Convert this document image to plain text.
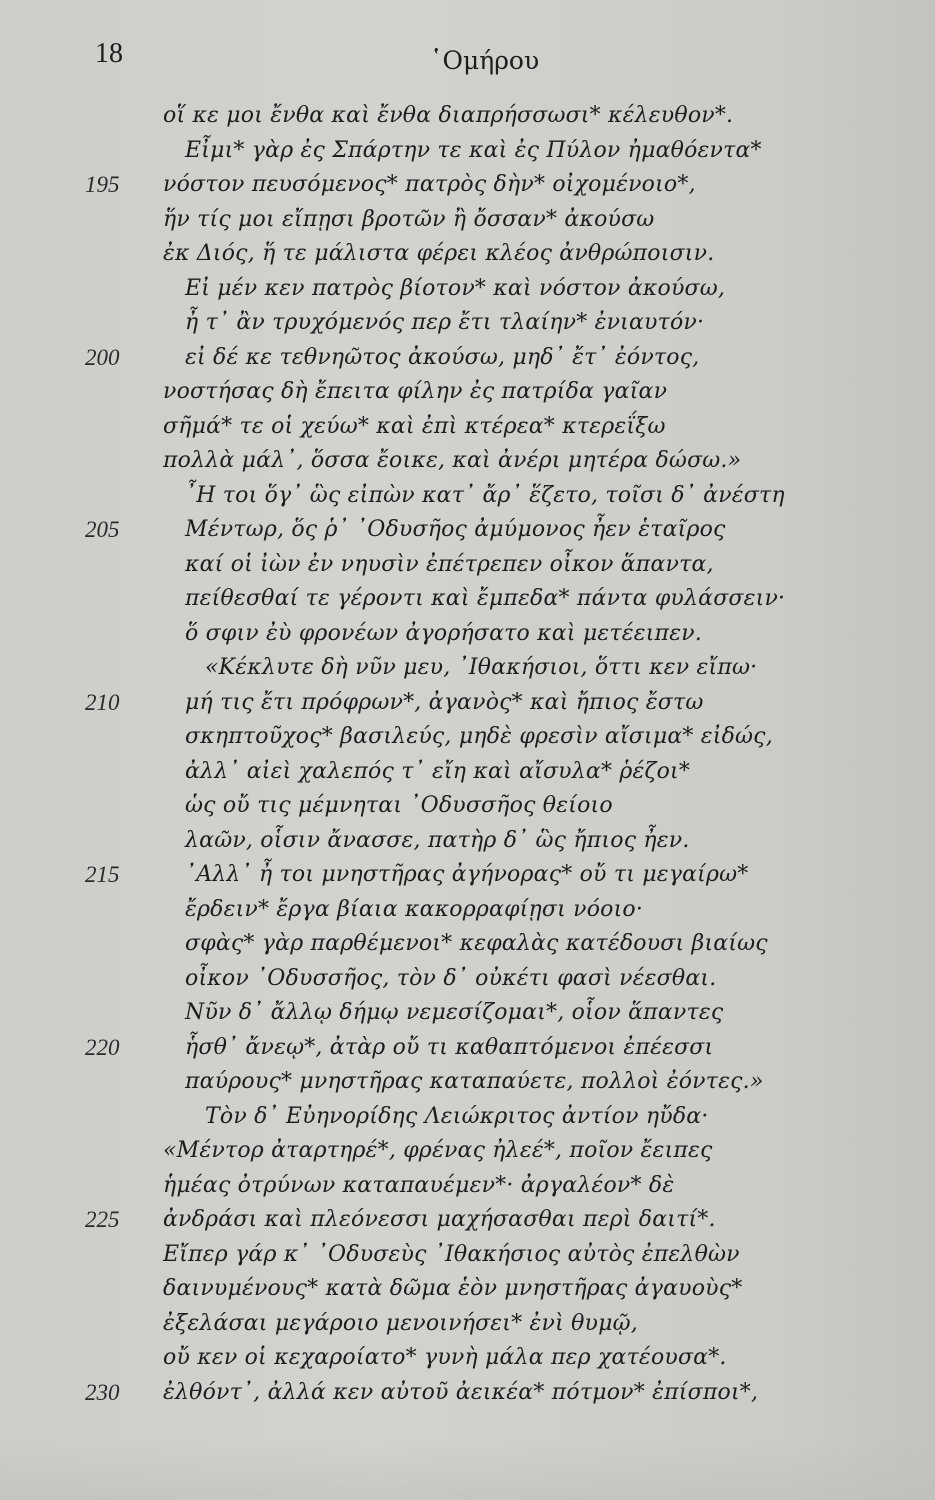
18	῾Ομήρου
οἵ κε μοι ἔνθα καὶ ἔνθα διαπρήσσωσι* κέλευθον*.
Εἶμι* γὰρ ἐς Σπάρτην τε καὶ ἐς Πύλον ἠμαθόεντα*
195	νόστον πευσόμενος* πατρὸς δὴν* οἰχομένοιο*,
ἥν τίς μοι εἴπῃσι βροτῶν ἢ ὄσσαν* ἀκούσω
ἐκ Διός, ἥ τε μάλιστα φέρει κλέος ἀνθρώποισιν.
Εἰ μέν κεν πατρὸς βίοτον* καὶ νόστον ἀκούσω,
ἦ τ᾿ ἂν τρυχόμενός περ ἔτι τλαίην* ἐνιαυτόν·
200	εἰ δέ κε τεθνηῶτος ἀκούσω, μηδ᾿ ἔτ᾿ ἐόντος,
νοστήσας δὴ ἔπειτα φίλην ἐς πατρίδα γαῖαν
σῆμά* τε οἱ χεύω* καὶ ἐπὶ κτέρεα* κτερεΐξω
πολλὰ μάλ᾿, ὅσσα ἔοικε, καὶ ἀνέρι μητέρα δώσω.»
῏Η τοι ὅγ᾿ ὣς εἰπὼν κατ᾿ ἄρ᾿ ἕζετο, τοῖσι δ᾿ ἀνέστη
205	Μέντωρ, ὅς ῥ᾿ ᾿Οδυσῆος ἀμύμονος ἦεν ἑταῖρος
καί οἱ ἰὼν ἐν νηυσὶν ἐπέτρεπεν οἶκον ἅπαντα,
πείθεσθαί τε γέροντι καὶ ἔμπεδα* πάντα φυλάσσειν·
ὅ σφιν ἐὺ φρονέων ἀγορήσατο καὶ μετέειπεν.
«Κέκλυτε δὴ νῦν μευ, ᾿Ιθακήσιοι, ὅττι κεν εἴπω·
210	μή τις ἔτι πρόφρων*, ἀγανὸς* καὶ ἤπιος ἔστω
σκηπτοῦχος* βασιλεύς, μηδὲ φρεσὶν αἴσιμα* εἰδώς,
ἀλλ᾿ αἰεὶ χαλεπός τ᾿ εἴη καὶ αἴσυλα* ῥέζοι*
ὡς οὔ τις μέμνηται ᾿Οδυσσῆος θείοιο
λαῶν, οἷσιν ἄνασσε, πατὴρ δ᾿ ὣς ἤπιος ἦεν.
215	᾿Αλλ᾿ ἦ τοι μνηστῆρας ἀγήνορας* οὔ τι μεγαίρω*
ἔρδειν* ἔργα βίαια κακορραφίῃσι νόοιο·
σφὰς* γὰρ παρθέμενοι* κεφαλὰς κατέδουσι βιαίως
οἶκον ᾿Οδυσσῆος, τὸν δ᾿ οὐκέτι φασὶ νέεσθαι.
Νῦν δ᾿ ἄλλῳ δήμῳ νεμεσίζομαι*, οἷον ἅπαντες
220	ἧσθ᾿ ἄνεῳ*, ἀτὰρ οὔ τι καθαπτόμενοι ἐπέεσσι
παύρους* μνηστῆρας καταπαύετε, πολλοὶ ἐόντες.»
Τὸν δ᾿ Εὐηνορίδης Λειώκριτος ἀντίον ηὔδα·
«Μέντορ ἀταρτηρέ*, φρένας ἠλεέ*, ποῖον ἔειπες
ἡμέας ὀτρύνων καταπαυέμεν*· ἀργαλέον* δὲ
225	ἀνδράσι καὶ πλεόνεσσι μαχήσασθαι περὶ δαιτί*.
Εἴπερ γάρ κ᾿ ᾿Οδυσεὺς ᾿Ιθακήσιος αὐτὸς ἐπελθὼν
δαινυμένους* κατὰ δῶμα ἑὸν μνηστῆρας ἀγαυοὺς*
ἐξελάσαι μεγάροιο μενοινήσει* ἐνὶ θυμῷ,
οὔ κεν οἱ κεχαροίατο* γυνὴ μάλα περ χατέουσα*.
230	ἐλθόντ᾿, ἀλλά κεν αὐτοῦ ἀεικέα* πότμον* ἐπίσποι*,
